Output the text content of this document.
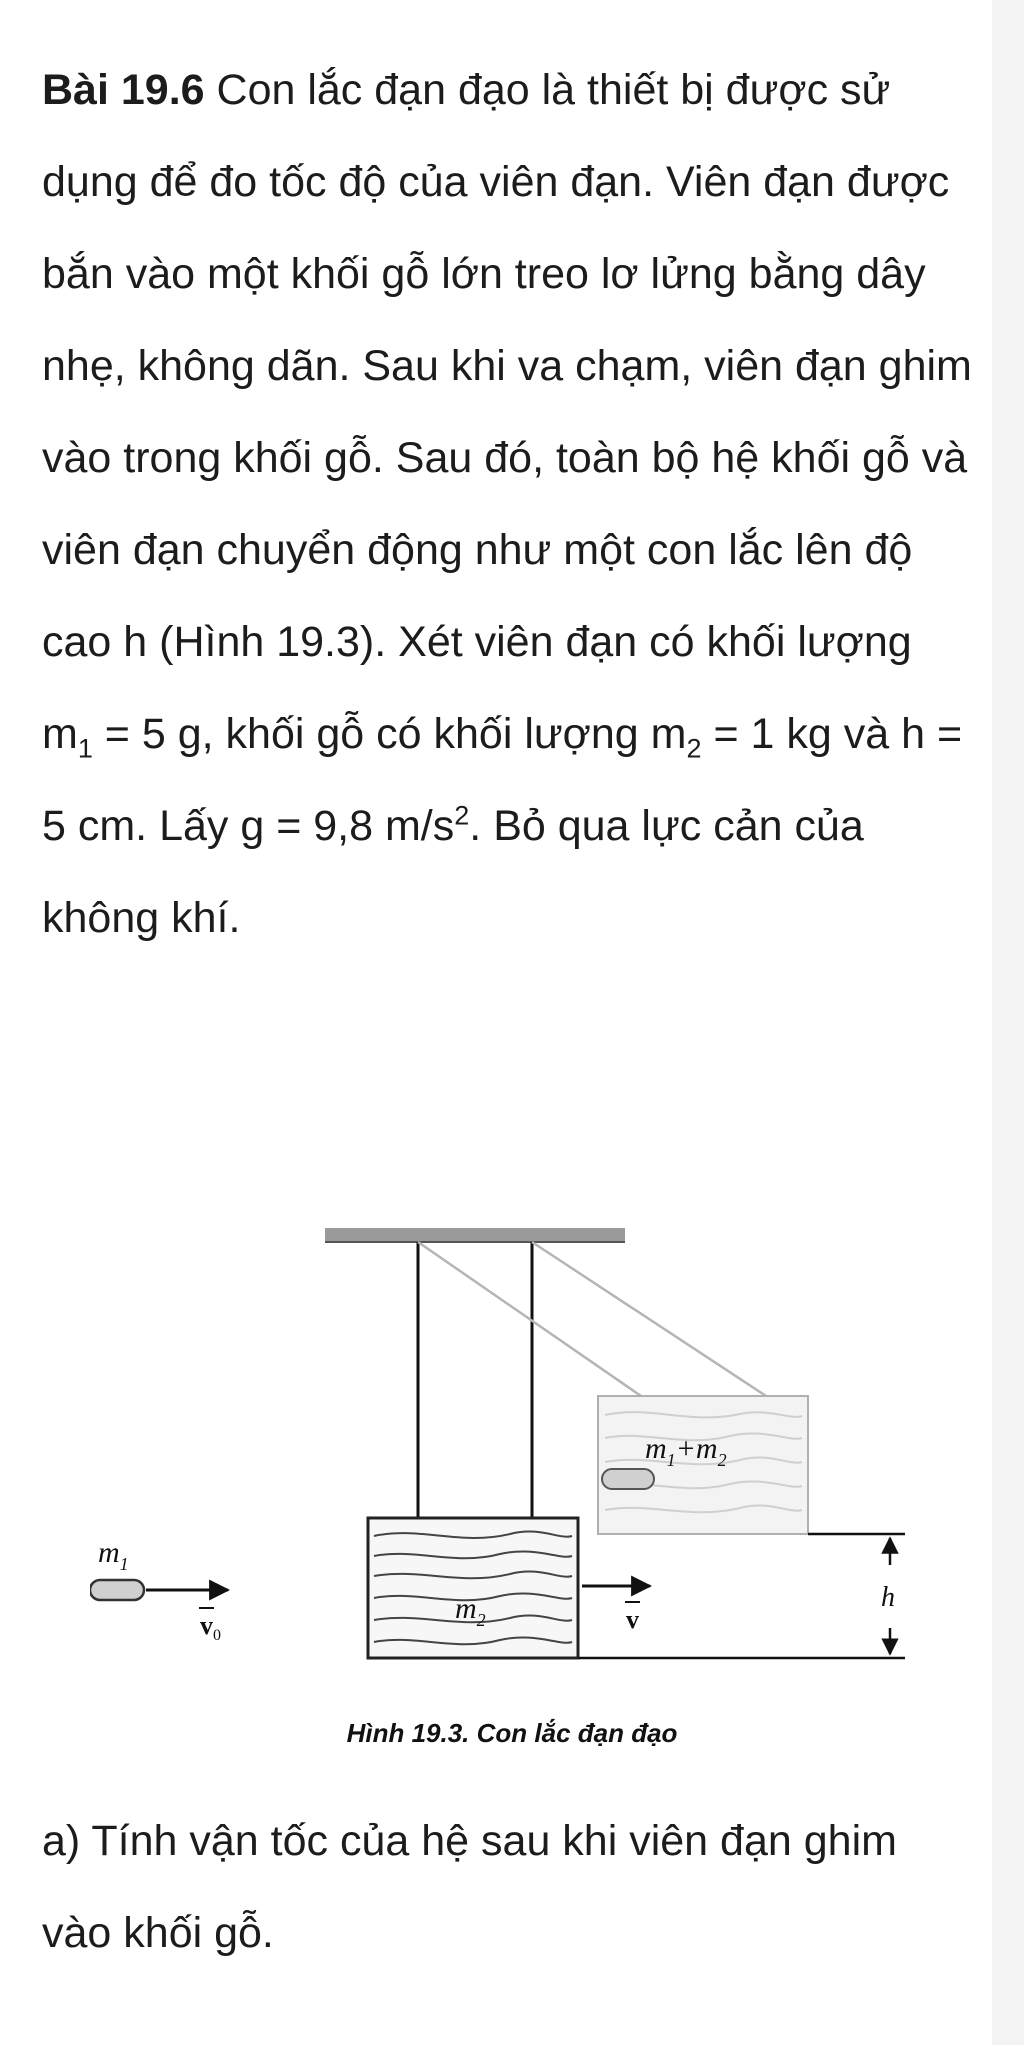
Bài 19.6 Con lắc đạn đạo là thiết bị được sử dụng để đo tốc độ của viên đạn. Viên đạn được bắn vào một khối gỗ lớn treo lơ lửng bằng dây nhẹ, không dãn. Sau khi va chạm, viên đạn ghim vào trong khối gỗ. Sau đó, toàn bộ hệ khối gỗ và viên đạn chuyển động như một con lắc lên độ cao h (Hình 19.3). Xét viên đạn có khối lượng $m_1 = 5$ g, khối gỗ có khối lượng $m_2 = 1$ kg và h = 5 cm. Lấy g = 9,8 $m/s^2$. Bỏ qua lực cản của không khí.

$m_1+m_2$
$m_2$	v
$m_1$
$v_0$
h
Hình 19.3. Con lắc đạn đạo

a) Tính vận tốc của hệ sau khi viên đạn ghim vào khối gỗ.
